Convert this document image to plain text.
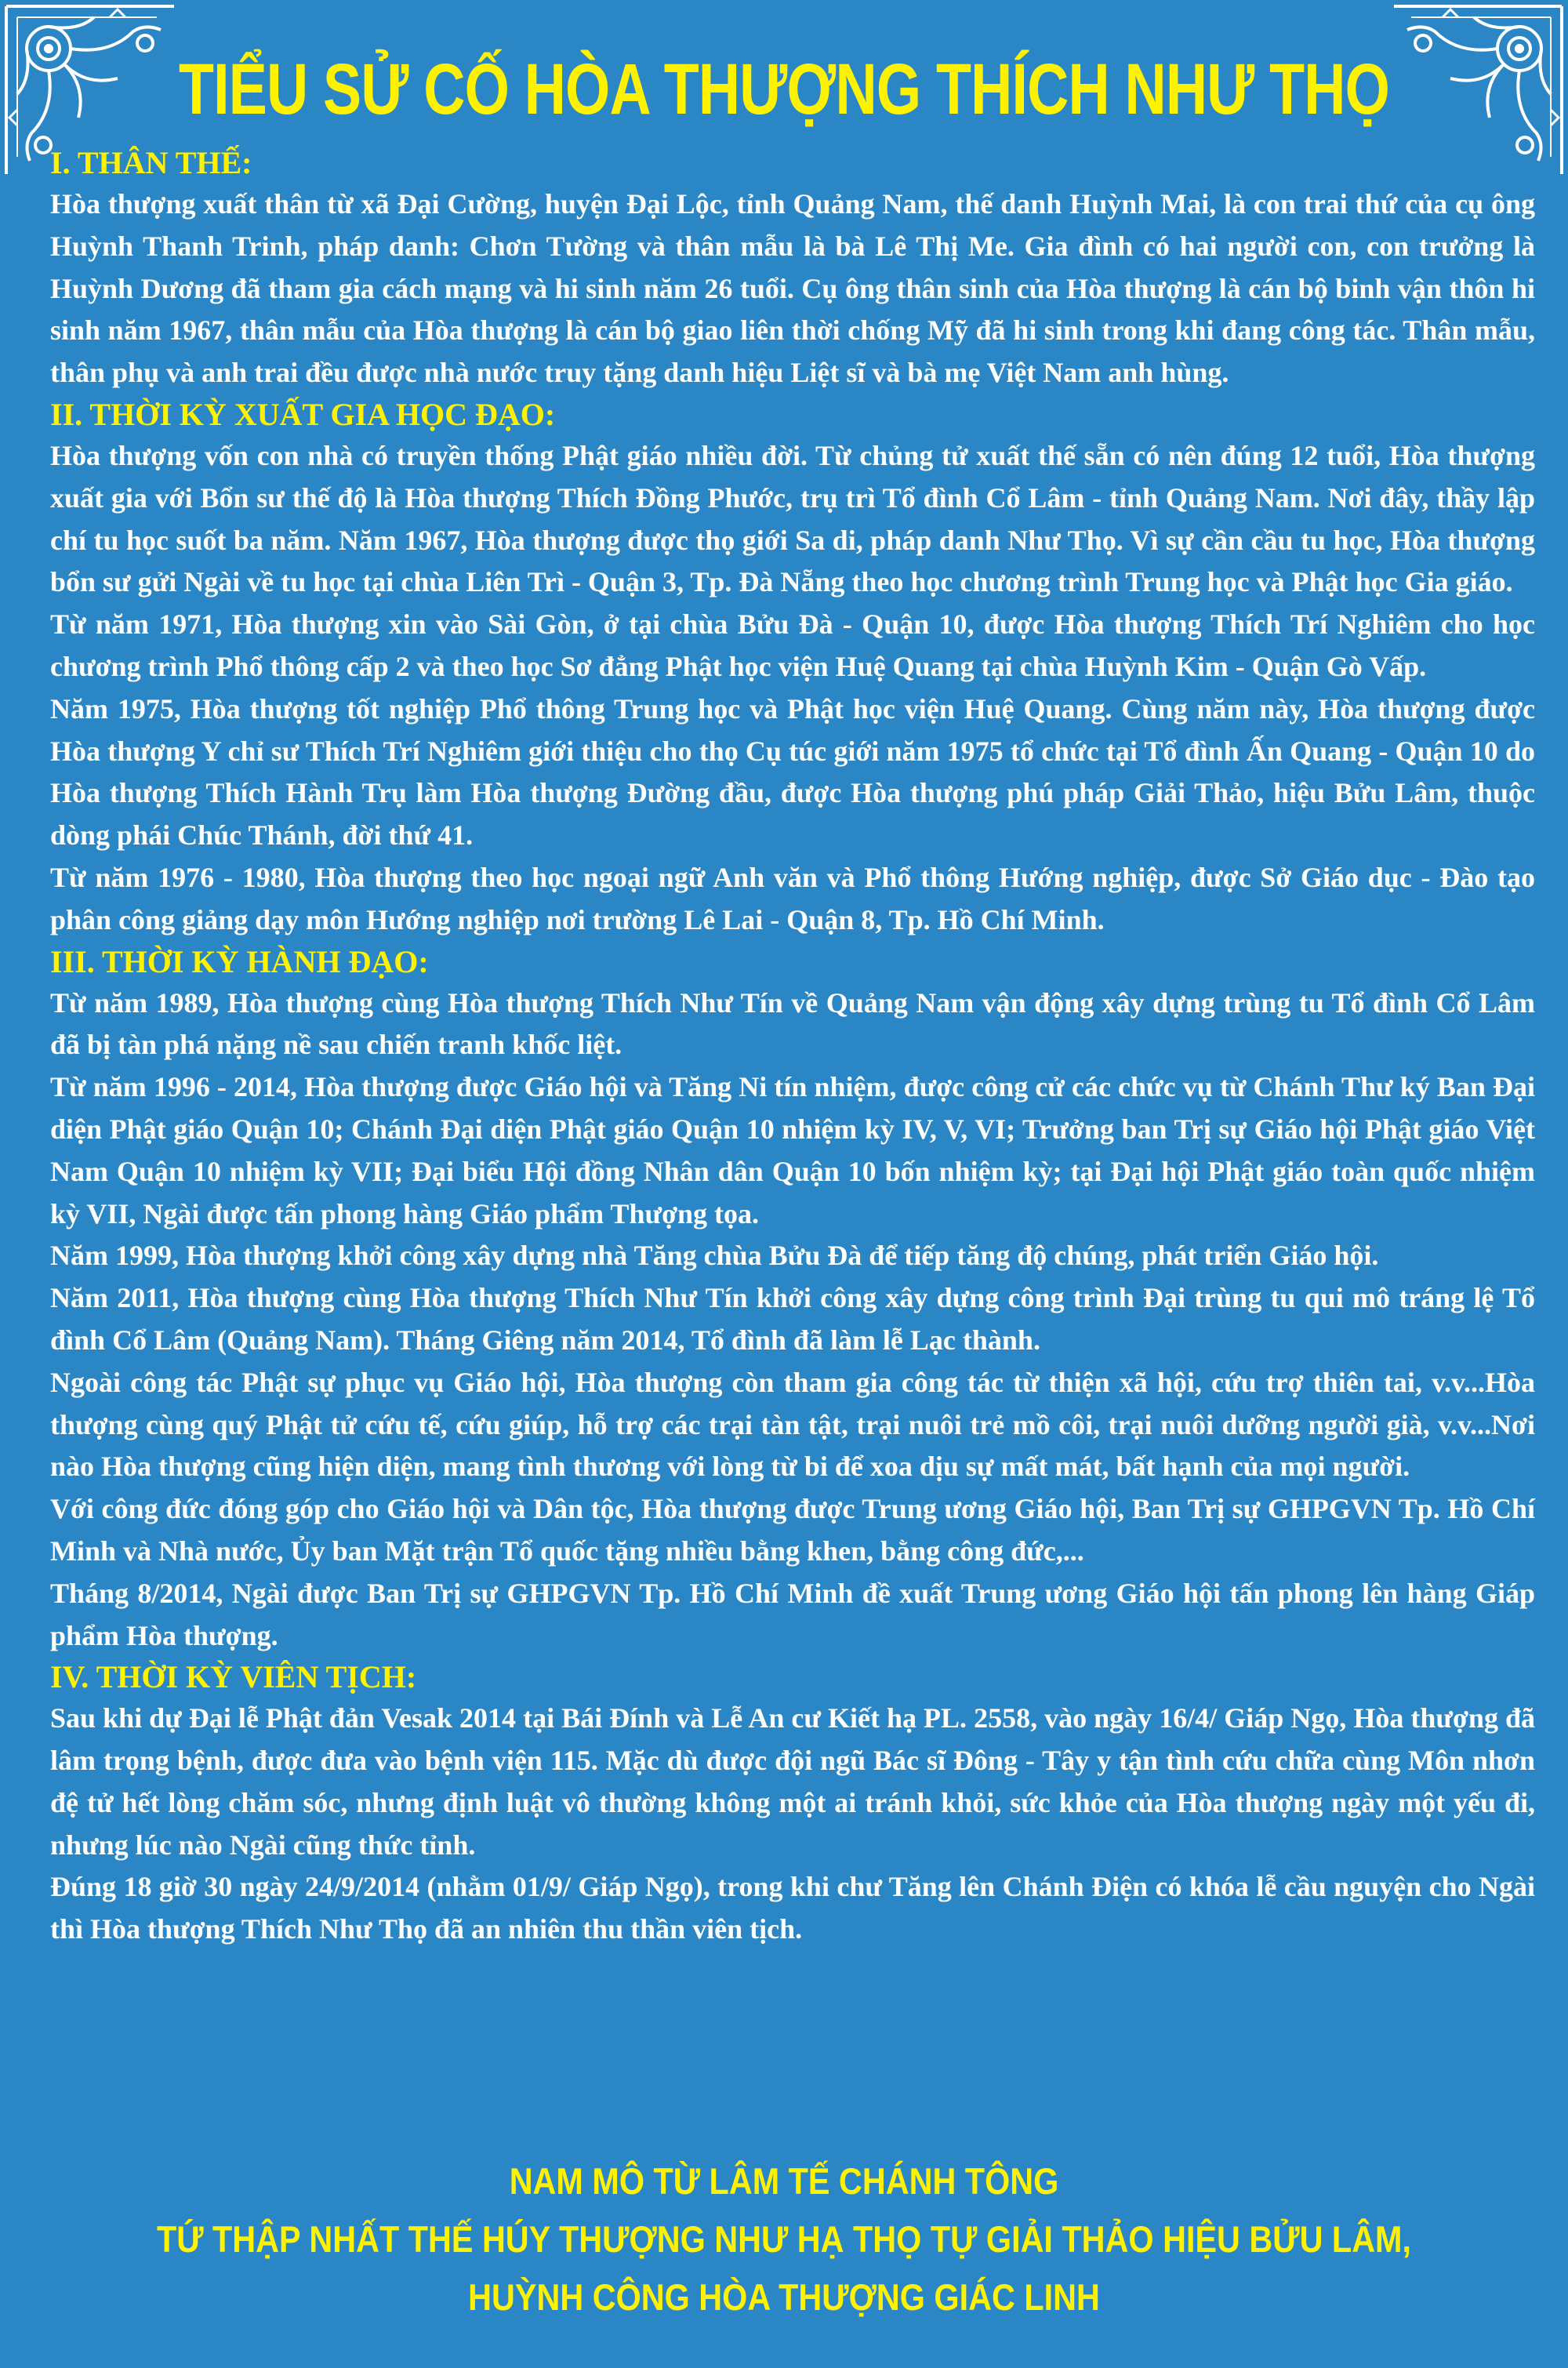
TIỂU SỬ CỐ HÒA THƯỢNG THÍCH NHƯ THỌ
I. THÂN THẾ:

Hòa thượng xuất thân từ xã Đại Cường, huyện Đại Lộc, tỉnh Quảng Nam, thế danh Huỳnh Mai, là con trai thứ của cụ ông Huỳnh Thanh Trinh, pháp danh: Chơn Tường và thân mẫu là bà Lê Thị Me. Gia đình có hai người con, con trưởng là Huỳnh Dương đã tham gia cách mạng và hi sinh năm 26 tuổi. Cụ ông thân sinh của Hòa thượng là cán bộ binh vận thôn hi sinh năm 1967, thân mẫu của Hòa thượng là cán bộ giao liên thời chống Mỹ đã hi sinh trong khi đang công tác. Thân mẫu, thân phụ và anh trai đều được nhà nước truy tặng danh hiệu Liệt sĩ và bà mẹ Việt Nam anh hùng.

II. THỜI KỲ XUẤT GIA HỌC ĐẠO:

Hòa thượng vốn con nhà có truyền thống Phật giáo nhiều đời. Từ chủng tử xuất thế sẵn có nên đúng 12 tuổi, Hòa thượng xuất gia với Bổn sư thế độ là Hòa thượng Thích Đồng Phước, trụ trì Tổ đình Cổ Lâm - tỉnh Quảng Nam. Nơi đây, thầy lập chí tu học suốt ba năm. Năm 1967, Hòa thượng được thọ giới Sa di, pháp danh Như Thọ. Vì sự cần cầu tu học, Hòa thượng bổn sư gửi Ngài về tu học tại chùa Liên Trì - Quận 3, Tp. Đà Nẵng theo học chương trình Trung học và Phật học Gia giáo.

Từ năm 1971, Hòa thượng xin vào Sài Gòn, ở tại chùa Bửu Đà - Quận 10, được Hòa thượng Thích Trí Nghiêm cho học chương trình Phổ thông cấp 2 và theo học Sơ đẳng Phật học viện Huệ Quang tại chùa Huỳnh Kim - Quận Gò Vấp.

Năm 1975, Hòa thượng tốt nghiệp Phổ thông Trung học và Phật học viện Huệ Quang. Cùng năm này, Hòa thượng được Hòa thượng Y chỉ sư Thích Trí Nghiêm giới thiệu cho thọ Cụ túc giới năm 1975 tổ chức tại Tổ đình Ấn Quang - Quận 10 do Hòa thượng Thích Hành Trụ làm Hòa thượng Đường đầu, được Hòa thượng phú pháp Giải Thảo, hiệu Bửu Lâm, thuộc dòng phái Chúc Thánh, đời thứ 41.

Từ năm 1976 - 1980, Hòa thượng theo học ngoại ngữ Anh văn và Phổ thông Hướng nghiệp, được Sở Giáo dục - Đào tạo phân công giảng dạy môn Hướng nghiệp nơi trường Lê Lai - Quận 8, Tp. Hồ Chí Minh.

III. THỜI KỲ HÀNH ĐẠO:

Từ năm 1989, Hòa thượng cùng Hòa thượng Thích Như Tín về Quảng Nam vận động xây dựng trùng tu Tổ đình Cổ Lâm đã bị tàn phá nặng nề sau chiến tranh khốc liệt.

Từ năm 1996 - 2014, Hòa thượng được Giáo hội và Tăng Ni tín nhiệm, được công cử các chức vụ từ Chánh Thư ký Ban Đại diện Phật giáo Quận 10; Chánh Đại diện Phật giáo Quận 10 nhiệm kỳ IV, V, VI; Trưởng ban Trị sự Giáo hội Phật giáo Việt Nam Quận 10 nhiệm kỳ VII; Đại biểu Hội đồng Nhân dân Quận 10 bốn nhiệm kỳ; tại Đại hội Phật giáo toàn quốc nhiệm kỳ VII, Ngài được tấn phong hàng Giáo phẩm Thượng tọa.

Năm 1999, Hòa thượng khởi công xây dựng nhà Tăng chùa Bửu Đà để tiếp tăng độ chúng, phát triển Giáo hội.

Năm 2011, Hòa thượng cùng Hòa thượng Thích Như Tín khởi công xây dựng công trình Đại trùng tu qui mô tráng lệ Tổ đình Cổ Lâm (Quảng Nam). Tháng Giêng năm 2014, Tổ đình đã làm lễ Lạc thành.

Ngoài công tác Phật sự phục vụ Giáo hội, Hòa thượng còn tham gia công tác từ thiện xã hội, cứu trợ thiên tai, v.v...Hòa thượng cùng quý Phật tử cứu tế, cứu giúp, hỗ trợ các trại tàn tật, trại nuôi trẻ mồ côi, trại nuôi dưỡng người già, v.v...Nơi nào Hòa thượng cũng hiện diện, mang tình thương với lòng từ bi để xoa dịu sự mất mát, bất hạnh của mọi người.

Với công đức đóng góp cho Giáo hội và Dân tộc, Hòa thượng được Trung ương Giáo hội, Ban Trị sự GHPGVN Tp. Hồ Chí Minh và Nhà nước, Ủy ban Mặt trận Tổ quốc tặng nhiều bằng khen, bằng công đức,...

Tháng 8/2014, Ngài được Ban Trị sự GHPGVN Tp. Hồ Chí Minh đề xuất Trung ương Giáo hội tấn phong lên hàng Giáp phẩm Hòa thượng.

IV. THỜI KỲ VIÊN TỊCH:

Sau khi dự Đại lễ Phật đản Vesak 2014 tại Bái Đính và Lễ An cư Kiết hạ PL. 2558, vào ngày 16/4/ Giáp Ngọ, Hòa thượng đã lâm trọng bệnh, được đưa vào bệnh viện 115. Mặc dù được đội ngũ Bác sĩ Đông - Tây y tận tình cứu chữa cùng Môn nhơn đệ tử hết lòng chăm sóc, nhưng định luật vô thường không một ai tránh khỏi, sức khỏe của Hòa thượng ngày một yếu đi, nhưng lúc nào Ngài cũng thức tỉnh.

Đúng 18 giờ 30 ngày 24/9/2014 (nhằm 01/9/ Giáp Ngọ), trong khi chư Tăng lên Chánh Điện có khóa lễ cầu nguyện cho Ngài thì Hòa thượng Thích Như Thọ đã an nhiên thu thần viên tịch.

NAM MÔ TỪ LÂM TẾ CHÁNH TÔNG
TỨ THẬP NHẤT THẾ HÚY THƯỢNG NHƯ HẠ THỌ TỰ GIẢI THẢO HIỆU BỬU LÂM,
HUỲNH CÔNG HÒA THƯỢNG GIÁC LINH
